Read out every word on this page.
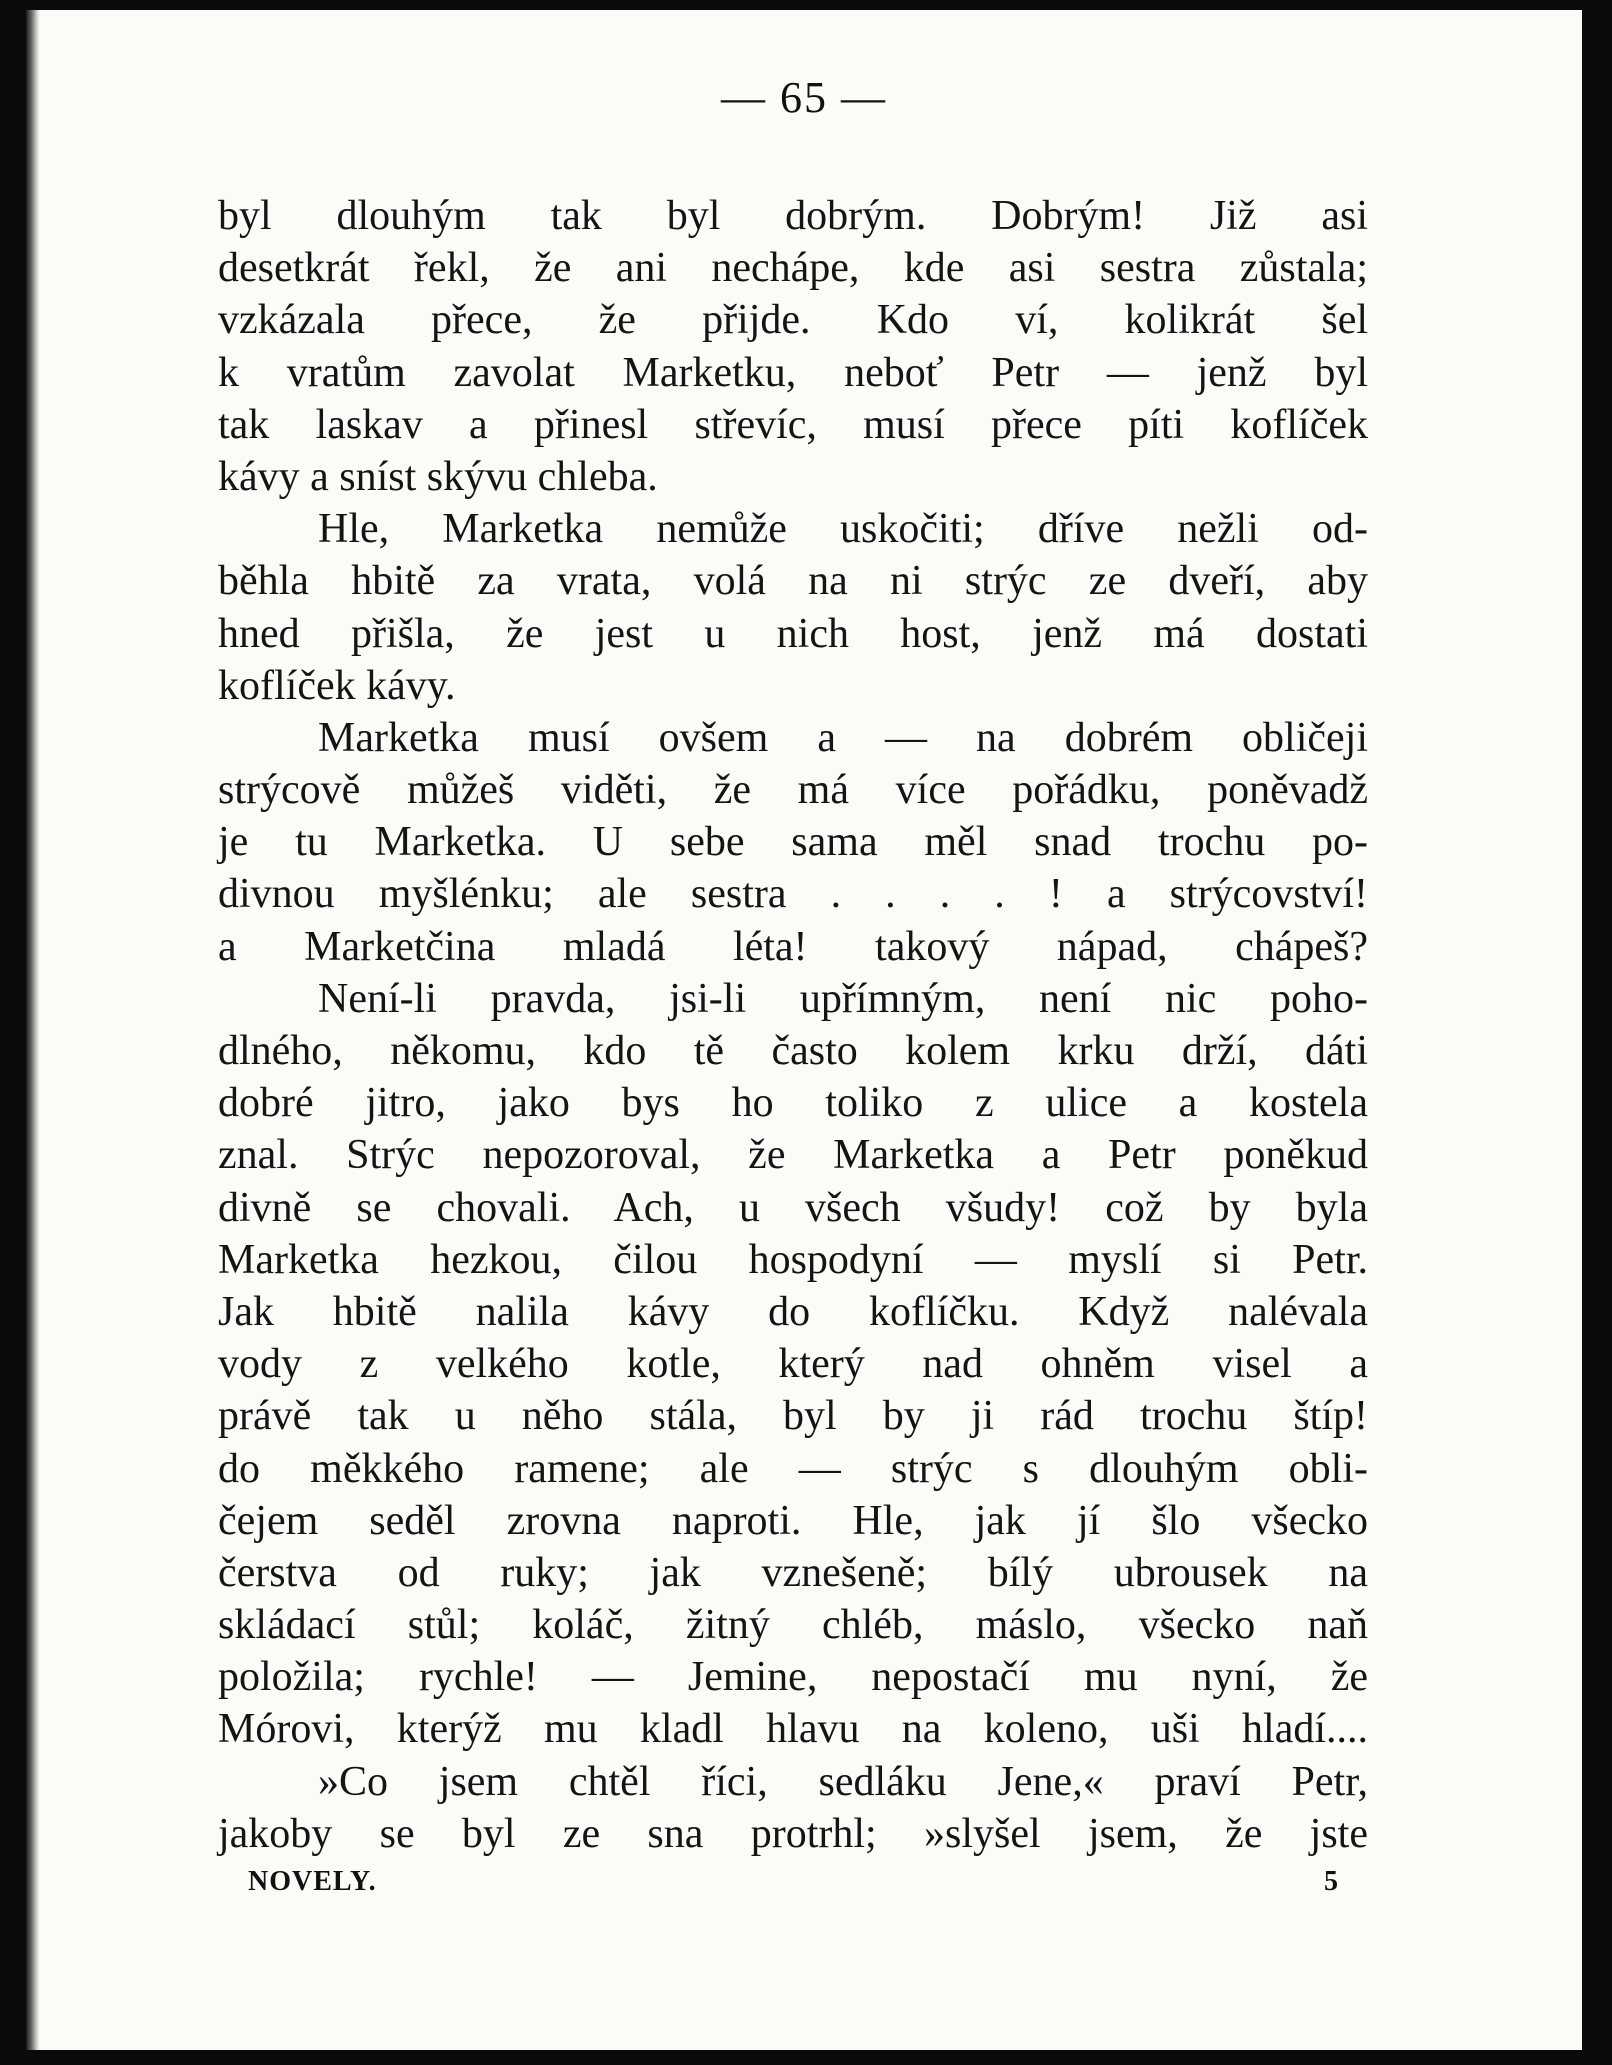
— 65 —
byl dlouhým tak byl dobrým. Dobrým! Již asi
desetkrát řekl, že ani nechápe, kde asi sestra zůstala;
vzkázala přece, že přijde. Kdo ví, kolikrát šel
k vratům zavolat Marketku, neboť Petr — jenž byl
tak laskav a přinesl střevíc, musí přece píti koflíček
kávy a sníst skývu chleba.
Hle, Marketka nemůže uskočiti; dříve nežli od-
běhla hbitě za vrata, volá na ni strýc ze dveří, aby
hned přišla, že jest u nich host, jenž má dostati
koflíček kávy.
Marketka musí ovšem a — na dobrém obličeji
strýcově můžeš viděti, že má více pořádku, poněvadž
je tu Marketka. U sebe sama měl snad trochu po-
divnou myšlénku; ale sestra . . . . ! a strýcovství!
a Marketčina mladá léta! takový nápad, chápeš?
Není-li pravda, jsi-li upřímným, není nic poho-
dlného, někomu, kdo tě často kolem krku drží, dáti
dobré jitro, jako bys ho toliko z ulice a kostela
znal. Strýc nepozoroval, že Marketka a Petr poněkud
divně se chovali. Ach, u všech všudy! což by byla
Marketka hezkou, čilou hospodyní — myslí si Petr.
Jak hbitě nalila kávy do koflíčku. Když nalévala
vody z velkého kotle, který nad ohněm visel a
právě tak u něho stála, byl by ji rád trochu štíp!
do měkkého ramene; ale — strýc s dlouhým obli-
čejem seděl zrovna naproti. Hle, jak jí šlo všecko
čerstva od ruky; jak vznešeně; bílý ubrousek na
skládací stůl; koláč, žitný chléb, máslo, všecko naň
položila; rychle! — Jemine, nepostačí mu nyní, že
Mórovi, kterýž mu kladl hlavu na koleno, uši hladí....
»Co jsem chtěl říci, sedláku Jene,« praví Petr,
jakoby se byl ze sna protrhl; »slyšel jsem, že jste
NOVELY.	5
